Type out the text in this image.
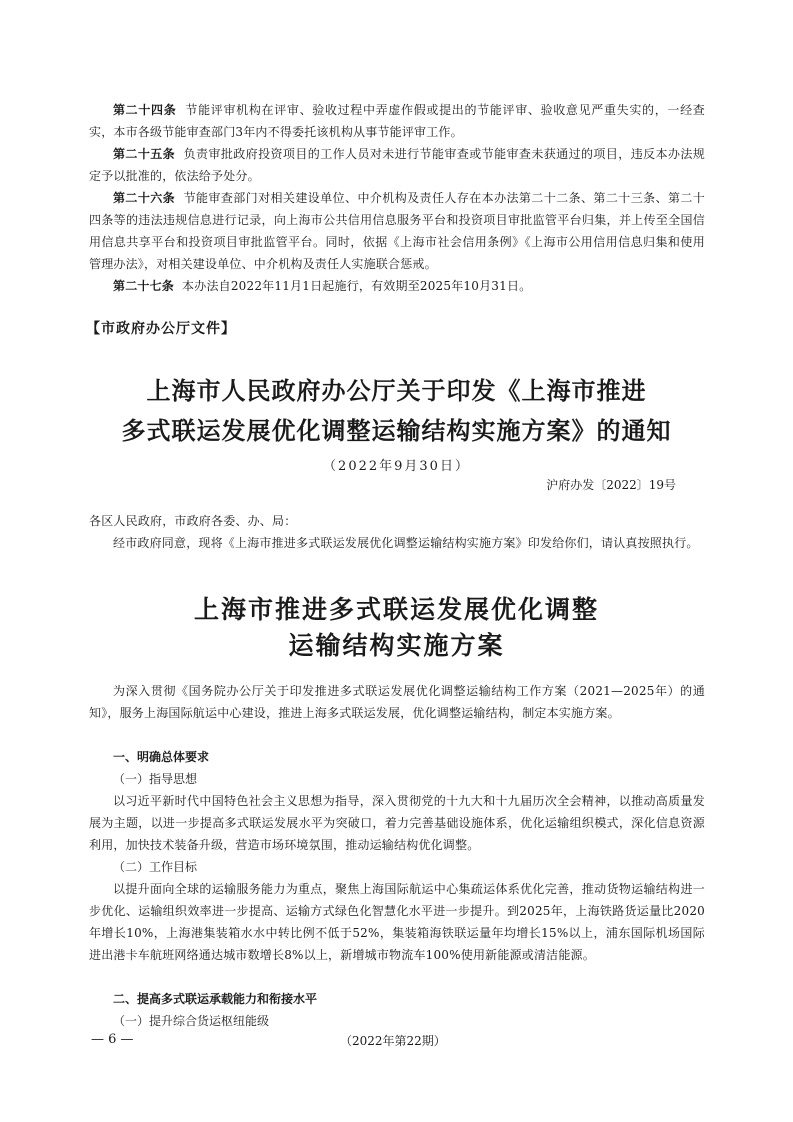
第二十四条 节能评审机构在评审、验收过程中弄虚作假或提出的节能评审、验收意见严重失实的，一经查实，本市各级节能审查部门3年内不得委托该机构从事节能评审工作。

第二十五条 负责审批政府投资项目的工作人员对未进行节能审查或节能审查未获通过的项目，违反本办法规定予以批准的，依法给予处分。

第二十六条 节能审查部门对相关建设单位、中介机构及责任人存在本办法第二十二条、第二十三条、第二十四条等的违法违规信息进行记录，向上海市公共信用信息服务平台和投资项目审批监管平台归集，并上传至全国信用信息共享平台和投资项目审批监管平台。同时，依据《上海市社会信用条例》《上海市公用信用信息归集和使用管理办法》，对相关建设单位、中介机构及责任人实施联合惩戒。

第二十七条 本办法自2022年11月1日起施行，有效期至2025年10月31日。

【市政府办公厅文件】

上海市人民政府办公厅关于印发《上海市推进

多式联运发展优化调整运输结构实施方案》的通知

（2022年9月30日）

沪府办发〔2022〕19号

各区人民政府，市政府各委、办、局：

经市政府同意，现将《上海市推进多式联运发展优化调整运输结构实施方案》印发给你们，请认真按照执行。

上海市推进多式联运发展优化调整

运输结构实施方案

为深入贯彻《国务院办公厅关于印发推进多式联运发展优化调整运输结构工作方案（2021—2025年）的通知》，服务上海国际航运中心建设，推进上海多式联运发展，优化调整运输结构，制定本实施方案。

一、明确总体要求

（一）指导思想

以习近平新时代中国特色社会主义思想为指导，深入贯彻党的十九大和十九届历次全会精神，以推动高质量发展为主题，以进一步提高多式联运发展水平为突破口，着力完善基础设施体系，优化运输组织模式，深化信息资源利用，加快技术装备升级，营造市场环境氛围，推动运输结构优化调整。

（二）工作目标

以提升面向全球的运输服务能力为重点，聚焦上海国际航运中心集疏运体系优化完善，推动货物运输结构进一步优化、运输组织效率进一步提高、运输方式绿色化智慧化水平进一步提升。到2025年，上海铁路货运量比2020年增长10%，上海港集装箱水水中转比例不低于52%，集装箱海铁联运量年均增长15%以上，浦东国际机场国际进出港卡车航班网络通达城市数增长8%以上，新增城市物流车100%使用新能源或清洁能源。

二、提高多式联运承载能力和衔接水平

（一）提升综合货运枢纽能级

— 6 —	（2022年第22期）
